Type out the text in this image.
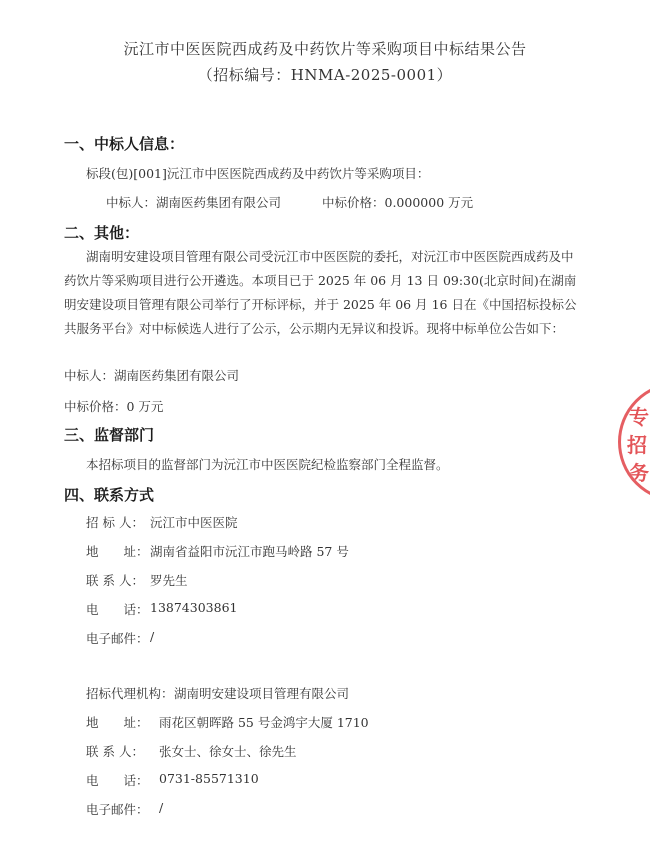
沅江市中医医院西成药及中药饮片等采购项目中标结果公告
（招标编号：HNMA-2025-0001）
一、中标人信息：
标段(包)[001]沅江市中医医院西成药及中药饮片等采购项目：
中标人：湖南医药集团有限公司	中标价格：0.000000 万元
二、其他：
湖南明安建设项目管理有限公司受沅江市中医医院的委托，对沅江市中医医院西成药及中药饮片等采购项目进行公开遴选。本项目已于 2025 年 06 月 13 日 09:30(北京时间)在湖南明安建设项目管理有限公司举行了开标评标，并于 2025 年 06 月 16 日在《中国招标投标公共服务平台》对中标候选人进行了公示，公示期内无异议和投诉。现将中标单位公告如下：
中标人：湖南医药集团有限公司
中标价格：0 万元
三、监督部门
本招标项目的监督部门为沅江市中医医院纪检监察部门全程监督。
四、联系方式
招 标 人： 沅江市中医医院
地　　址： 湖南省益阳市沅江市跑马岭路 57 号
联 系 人： 罗先生
电　　话： 13874303861
电子邮件： /
招标代理机构： 湖南明安建设项目管理有限公司
地　　址： 雨花区朝晖路 55 号金鸿宇大厦 1710
联 系 人： 张女士、徐女士、徐先生
电　　话： 0731-85571310
电子邮件： /
专
招
务
